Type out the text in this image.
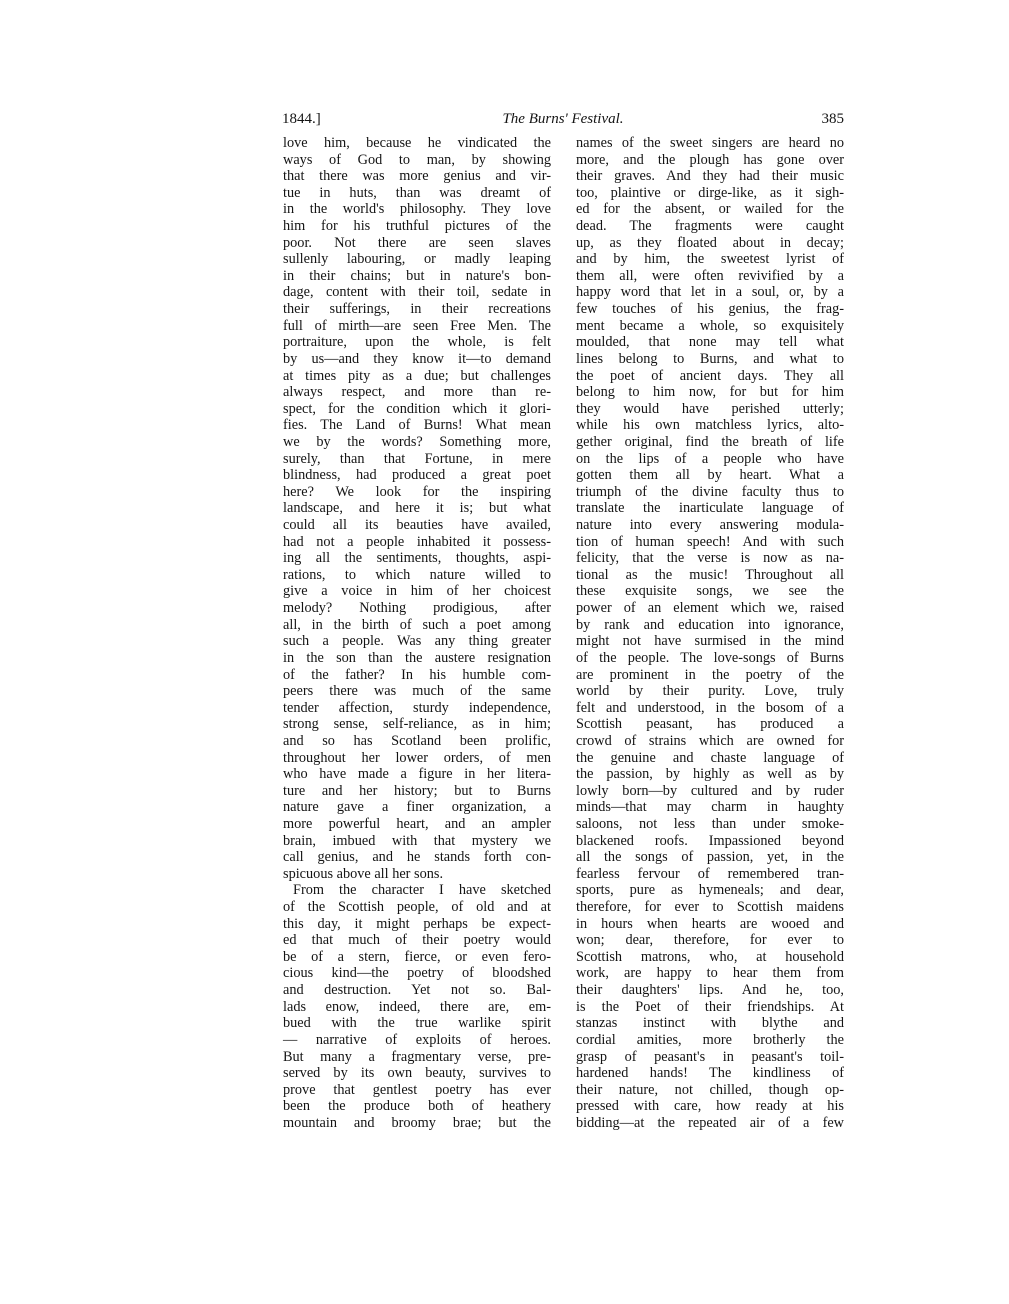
1844.]	The Burns' Festival.	385
love him, because he vindicated the
ways of God to man, by showing
that there was more genius and vir-
tue in huts, than was dreamt of
in the world's philosophy. They love
him for his truthful pictures of the
poor. Not there are seen slaves
sullenly labouring, or madly leaping
in their chains; but in nature's bon-
dage, content with their toil, sedate in
their sufferings, in their recreations
full of mirth—are seen Free Men. The
portraiture, upon the whole, is felt
by us—and they know it—to demand
at times pity as a due; but challenges
always respect, and more than re-
spect, for the condition which it glori-
fies. The Land of Burns! What mean
we by the words? Something more,
surely, than that Fortune, in mere
blindness, had produced a great poet
here? We look for the inspiring
landscape, and here it is; but what
could all its beauties have availed,
had not a people inhabited it possess-
ing all the sentiments, thoughts, aspi-
rations, to which nature willed to
give a voice in him of her choicest
melody? Nothing prodigious, after
all, in the birth of such a poet among
such a people. Was any thing greater
in the son than the austere resignation
of the father? In his humble com-
peers there was much of the same
tender affection, sturdy independence,
strong sense, self-reliance, as in him;
and so has Scotland been prolific,
throughout her lower orders, of men
who have made a figure in her litera-
ture and her history; but to Burns
nature gave a finer organization, a
more powerful heart, and an ampler
brain, imbued with that mystery we
call genius, and he stands forth con-
spicuous above all her sons.
From the character I have sketched
of the Scottish people, of old and at
this day, it might perhaps be expect-
ed that much of their poetry would
be of a stern, fierce, or even fero-
cious kind—the poetry of bloodshed
and destruction. Yet not so. Bal-
lads enow, indeed, there are, em-
bued with the true warlike spirit
— narrative of exploits of heroes.
But many a fragmentary verse, pre-
served by its own beauty, survives to
prove that gentlest poetry has ever
been the produce both of heathery
mountain and broomy brae; but the
names of the sweet singers are heard no
more, and the plough has gone over
their graves. And they had their music
too, plaintive or dirge-like, as it sigh-
ed for the absent, or wailed for the
dead. The fragments were caught
up, as they floated about in decay;
and by him, the sweetest lyrist of
them all, were often revivified by a
happy word that let in a soul, or, by a
few touches of his genius, the frag-
ment became a whole, so exquisitely
moulded, that none may tell what
lines belong to Burns, and what to
the poet of ancient days. They all
belong to him now, for but for him
they would have perished utterly;
while his own matchless lyrics, alto-
gether original, find the breath of life
on the lips of a people who have
gotten them all by heart. What a
triumph of the divine faculty thus to
translate the inarticulate language of
nature into every answering modula-
tion of human speech! And with such
felicity, that the verse is now as na-
tional as the music! Throughout all
these exquisite songs, we see the
power of an element which we, raised
by rank and education into ignorance,
might not have surmised in the mind
of the people. The love-songs of Burns
are prominent in the poetry of the
world by their purity. Love, truly
felt and understood, in the bosom of a
Scottish peasant, has produced a
crowd of strains which are owned for
the genuine and chaste language of
the passion, by highly as well as by
lowly born—by cultured and by ruder
minds—that may charm in haughty
saloons, not less than under smoke-
blackened roofs. Impassioned beyond
all the songs of passion, yet, in the
fearless fervour of remembered tran-
sports, pure as hymeneals; and dear,
therefore, for ever to Scottish maidens
in hours when hearts are wooed and
won; dear, therefore, for ever to
Scottish matrons, who, at household
work, are happy to hear them from
their daughters' lips. And he, too,
is the Poet of their friendships. At
stanzas instinct with blythe and
cordial amities, more brotherly the
grasp of peasant's in peasant's toil-
hardened hands! The kindliness of
their nature, not chilled, though op-
pressed with care, how ready at his
bidding—at the repeated air of a few
